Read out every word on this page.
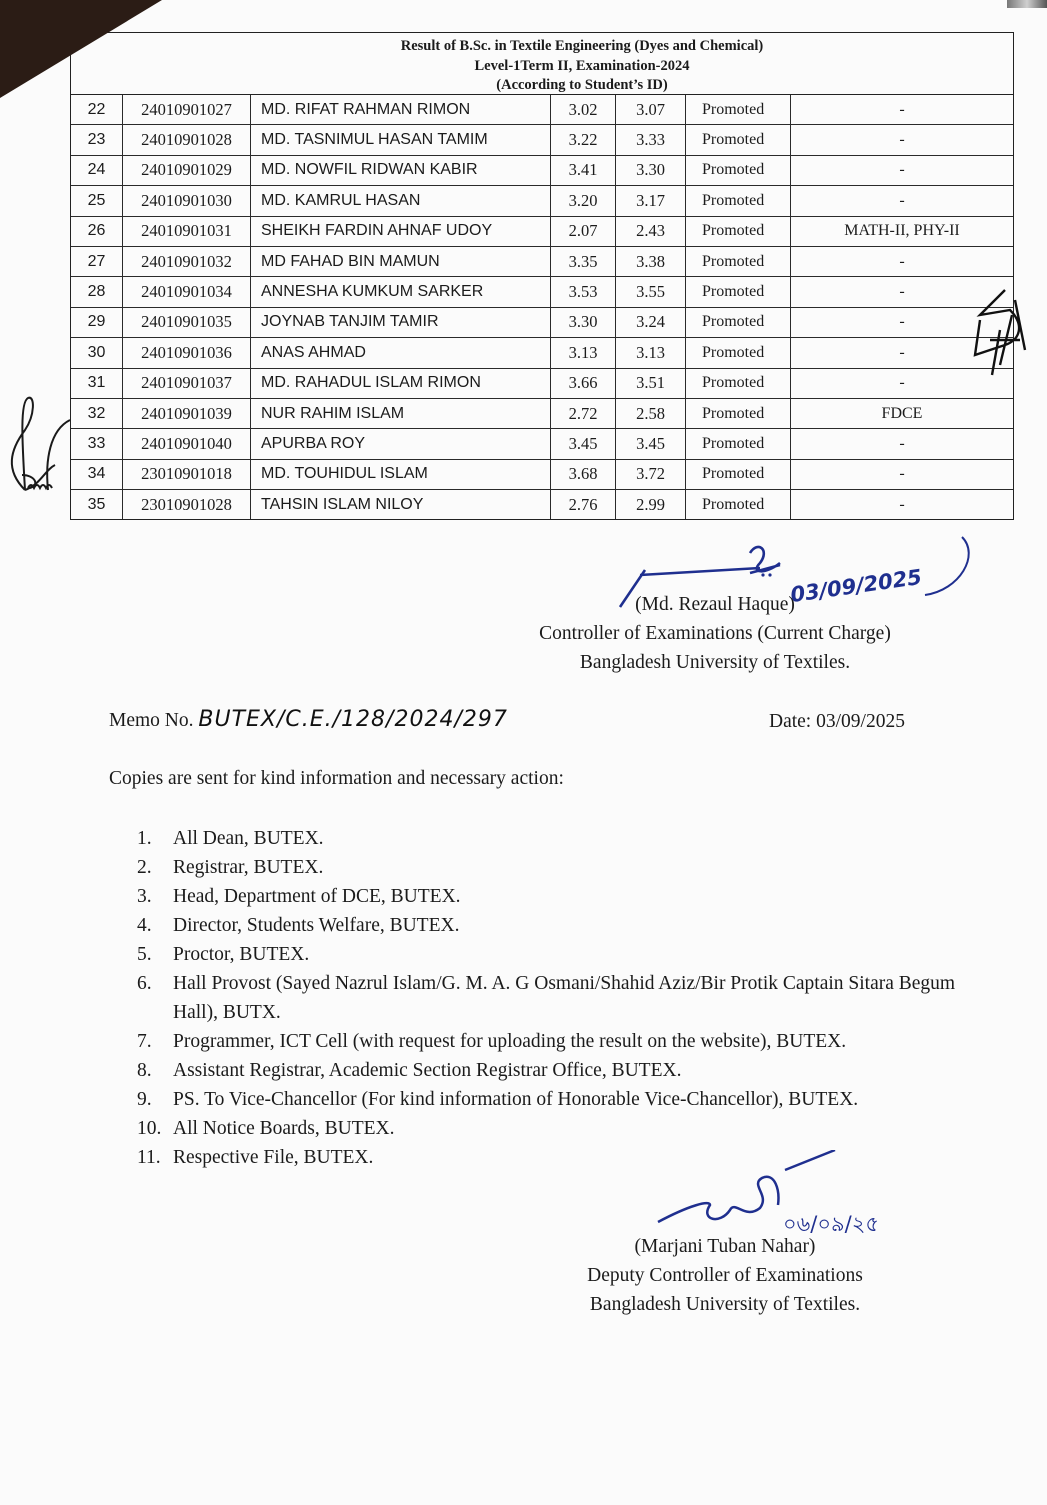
Result of B.Sc. in Textile Engineering (Dyes and Chemical)
Level-1Term II, Examination-2024
(According to Student’s ID)
22	24010901027	MD. RIFAT RAHMAN RIMON	3.02	3.07	Promoted	-
23	24010901028	MD. TASNIMUL HASAN TAMIM	3.22	3.33	Promoted	-
24	24010901029	MD. NOWFIL RIDWAN KABIR	3.41	3.30	Promoted	-
25	24010901030	MD. KAMRUL HASAN	3.20	3.17	Promoted	-
26	24010901031	SHEIKH FARDIN AHNAF UDOY	2.07	2.43	Promoted	MATH-II, PHY-II
27	24010901032	MD FAHAD BIN MAMUN	3.35	3.38	Promoted	-
28	24010901034	ANNESHA KUMKUM SARKER	3.53	3.55	Promoted	-
29	24010901035	JOYNAB TANJIM TAMIR	3.30	3.24	Promoted	-
30	24010901036	ANAS AHMAD	3.13	3.13	Promoted	-
31	24010901037	MD. RAHADUL ISLAM RIMON	3.66	3.51	Promoted	-
32	24010901039	NUR RAHIM ISLAM	2.72	2.58	Promoted	FDCE
33	24010901040	APURBA ROY	3.45	3.45	Promoted	-
34	23010901018	MD. TOUHIDUL ISLAM	3.68	3.72	Promoted	-
35	23010901028	TAHSIN ISLAM NILOY	2.76	2.99	Promoted	-
03/09/2025
(Md. Rezaul Haque)
Controller of Examinations (Current Charge)
Bangladesh University of Textiles.
Memo No. BUTEX/C.E./128/2024/297	Date: 03/09/2025
Copies are sent for kind information and necessary action:
1.	All Dean, BUTEX.
2.	Registrar, BUTEX.
3.	Head, Department of DCE, BUTEX.
4.	Director, Students Welfare, BUTEX.
5.	Proctor, BUTEX.
6.	Hall Provost (Sayed Nazrul Islam/G. M. A. G Osmani/Shahid Aziz/Bir Protik Captain Sitara Begum Hall), BUTX.
7.	Programmer, ICT Cell (with request for uploading the result on the website), BUTEX.
8.	Assistant Registrar, Academic Section Registrar Office, BUTEX.
9.	PS. To Vice-Chancellor (For kind information of Honorable Vice-Chancellor), BUTEX.
10. All Notice Boards, BUTEX.
11. Respective File, BUTEX.
০৬/০৯/২৫
(Marjani Tuban Nahar)
Deputy Controller of Examinations
Bangladesh University of Textiles.
